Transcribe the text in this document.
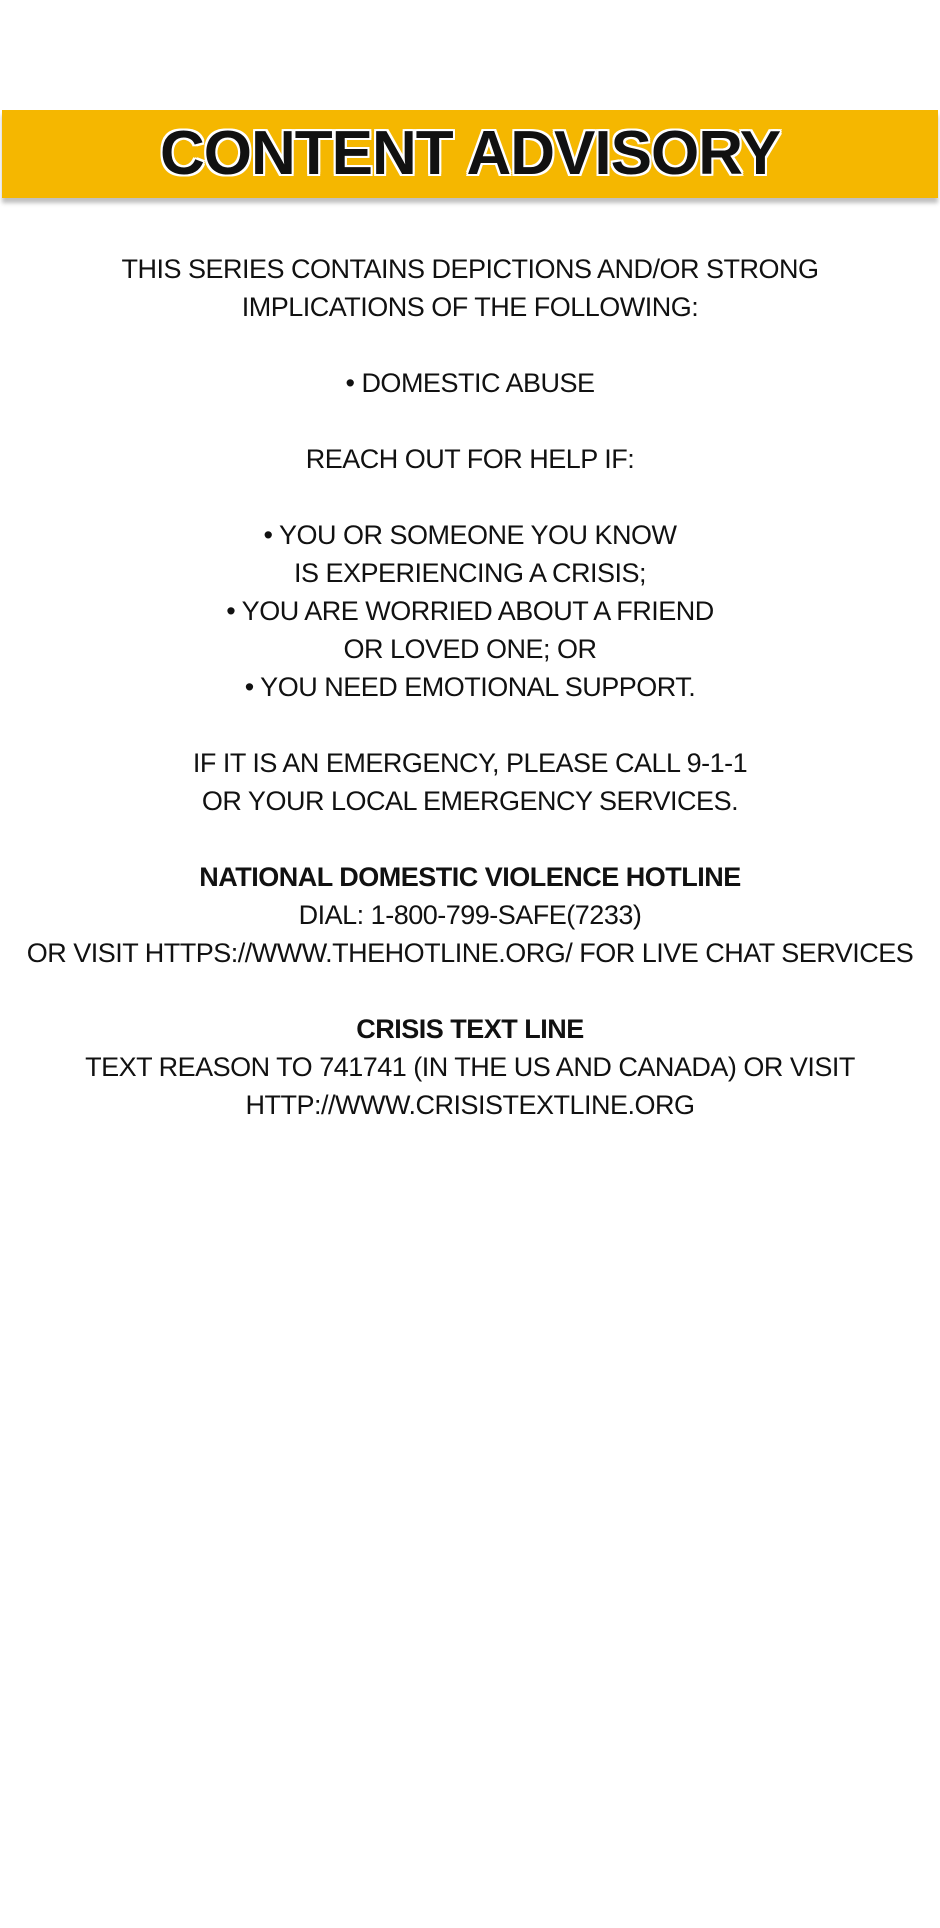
CONTENT ADVISORY
THIS SERIES CONTAINS DEPICTIONS AND/OR STRONG
IMPLICATIONS OF THE FOLLOWING:
• DOMESTIC ABUSE
REACH OUT FOR HELP IF:
• YOU OR SOMEONE YOU KNOW
IS EXPERIENCING A CRISIS;
• YOU ARE WORRIED ABOUT A FRIEND
OR LOVED ONE; OR
• YOU NEED EMOTIONAL SUPPORT.
IF IT IS AN EMERGENCY, PLEASE CALL 9-1-1
OR YOUR LOCAL EMERGENCY SERVICES.
NATIONAL DOMESTIC VIOLENCE HOTLINE
DIAL: 1-800-799-SAFE(7233)
OR VISIT HTTPS://WWW.THEHOTLINE.ORG/ FOR LIVE CHAT SERVICES
CRISIS TEXT LINE
TEXT REASON TO 741741 (IN THE US AND CANADA) OR VISIT
HTTP://WWW.CRISISTEXTLINE.ORG
